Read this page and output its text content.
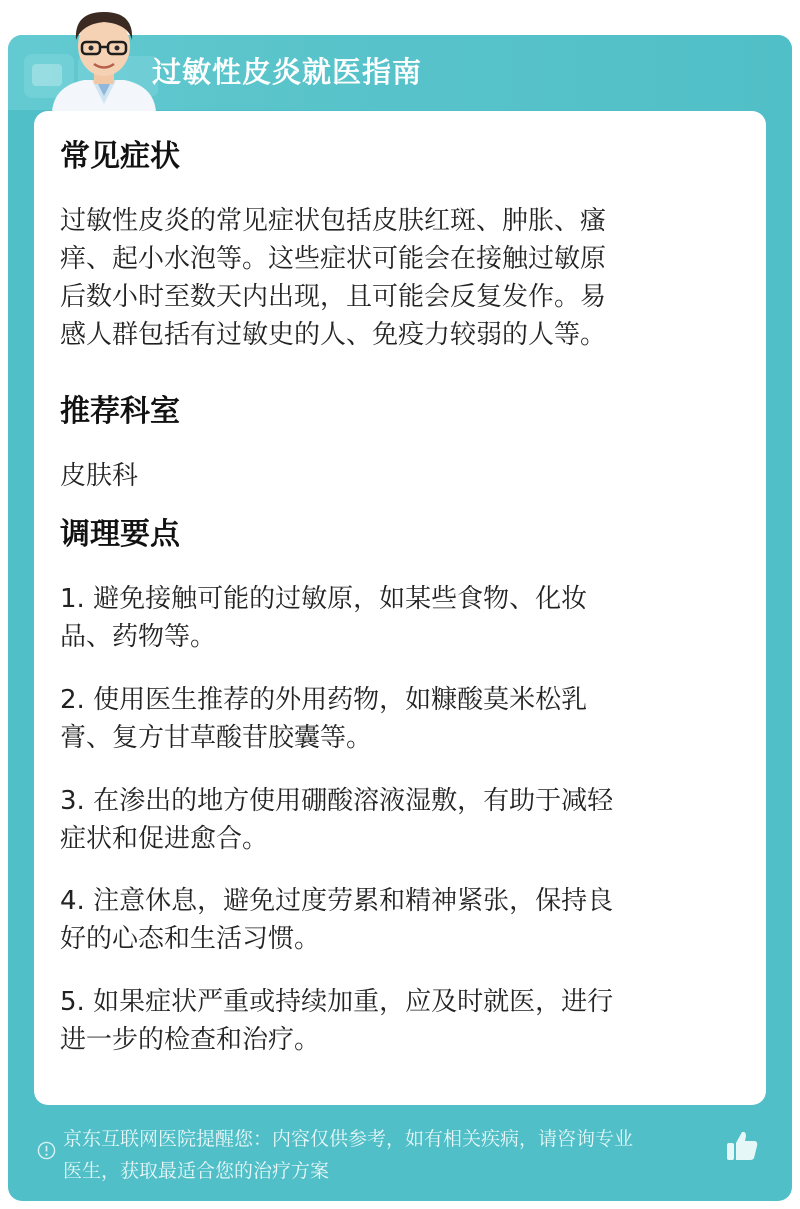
过敏性皮炎就医指南
常见症状
过敏性皮炎的常见症状包括皮肤红斑、肿胀、瘙
痒、起小水泡等。这些症状可能会在接触过敏原
后数小时至数天内出现，且可能会反复发作。易
感人群包括有过敏史的人、免疫力较弱的人等。
推荐科室
皮肤科
调理要点
1. 避免接触可能的过敏原，如某些食物、化妆
品、药物等。
2. 使用医生推荐的外用药物，如糠酸莫米松乳
膏、复方甘草酸苷胶囊等。
3. 在渗出的地方使用硼酸溶液湿敷，有助于减轻
症状和促进愈合。
4. 注意休息，避免过度劳累和精神紧张，保持良
好的心态和生活习惯。
5. 如果症状严重或持续加重，应及时就医，进行
进一步的检查和治疗。
京东互联网医院提醒您：内容仅供参考，如有相关疾病，请咨询专业
医生，获取最适合您的治疗方案
